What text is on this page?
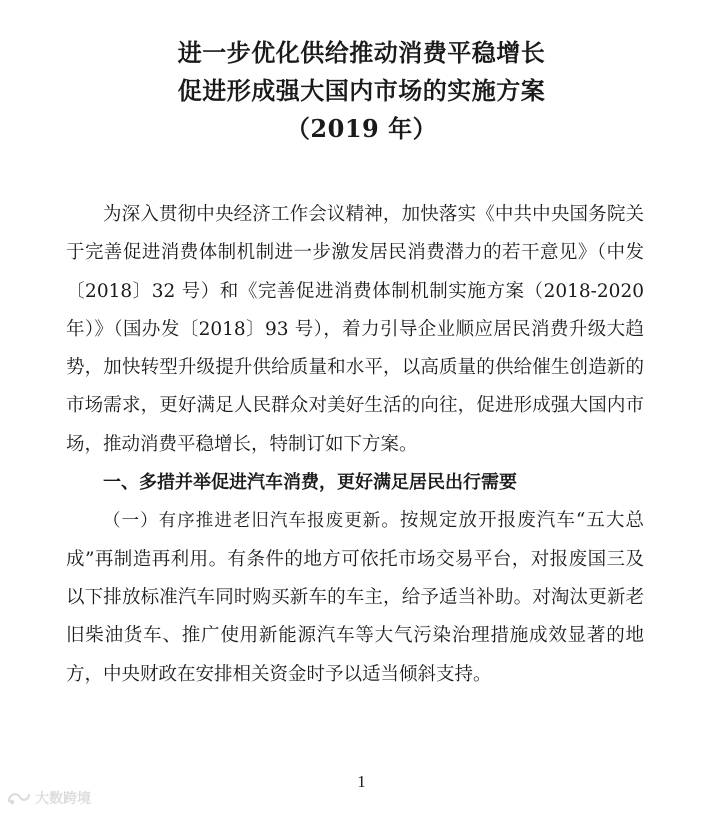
进一步优化供给推动消费平稳增长
促进形成强大国内市场的实施方案
（2019 年）

为深入贯彻中央经济工作会议精神，加快落实《中共中央国务院关于完善促进消费体制机制进一步激发居民消费潜力的若干意见》（中发〔2018〕32 号）和《完善促进消费体制机制实施方案（2018-2020 年）》（国办发〔2018〕93 号），着力引导企业顺应居民消费升级大趋势，加快转型升级提升供给质量和水平，以高质量的供给催生创造新的市场需求，更好满足人民群众对美好生活的向往，促进形成强大国内市场，推动消费平稳增长，特制订如下方案。

一、多措并举促进汽车消费，更好满足居民出行需要

（一）有序推进老旧汽车报废更新。按规定放开报废汽车“五大总成”再制造再利用。有条件的地方可依托市场交易平台，对报废国三及以下排放标准汽车同时购买新车的车主，给予适当补助。对淘汰更新老旧柴油货车、推广使用新能源汽车等大气污染治理措施成效显著的地方，中央财政在安排相关资金时予以适当倾斜支持。

1
大数跨境
